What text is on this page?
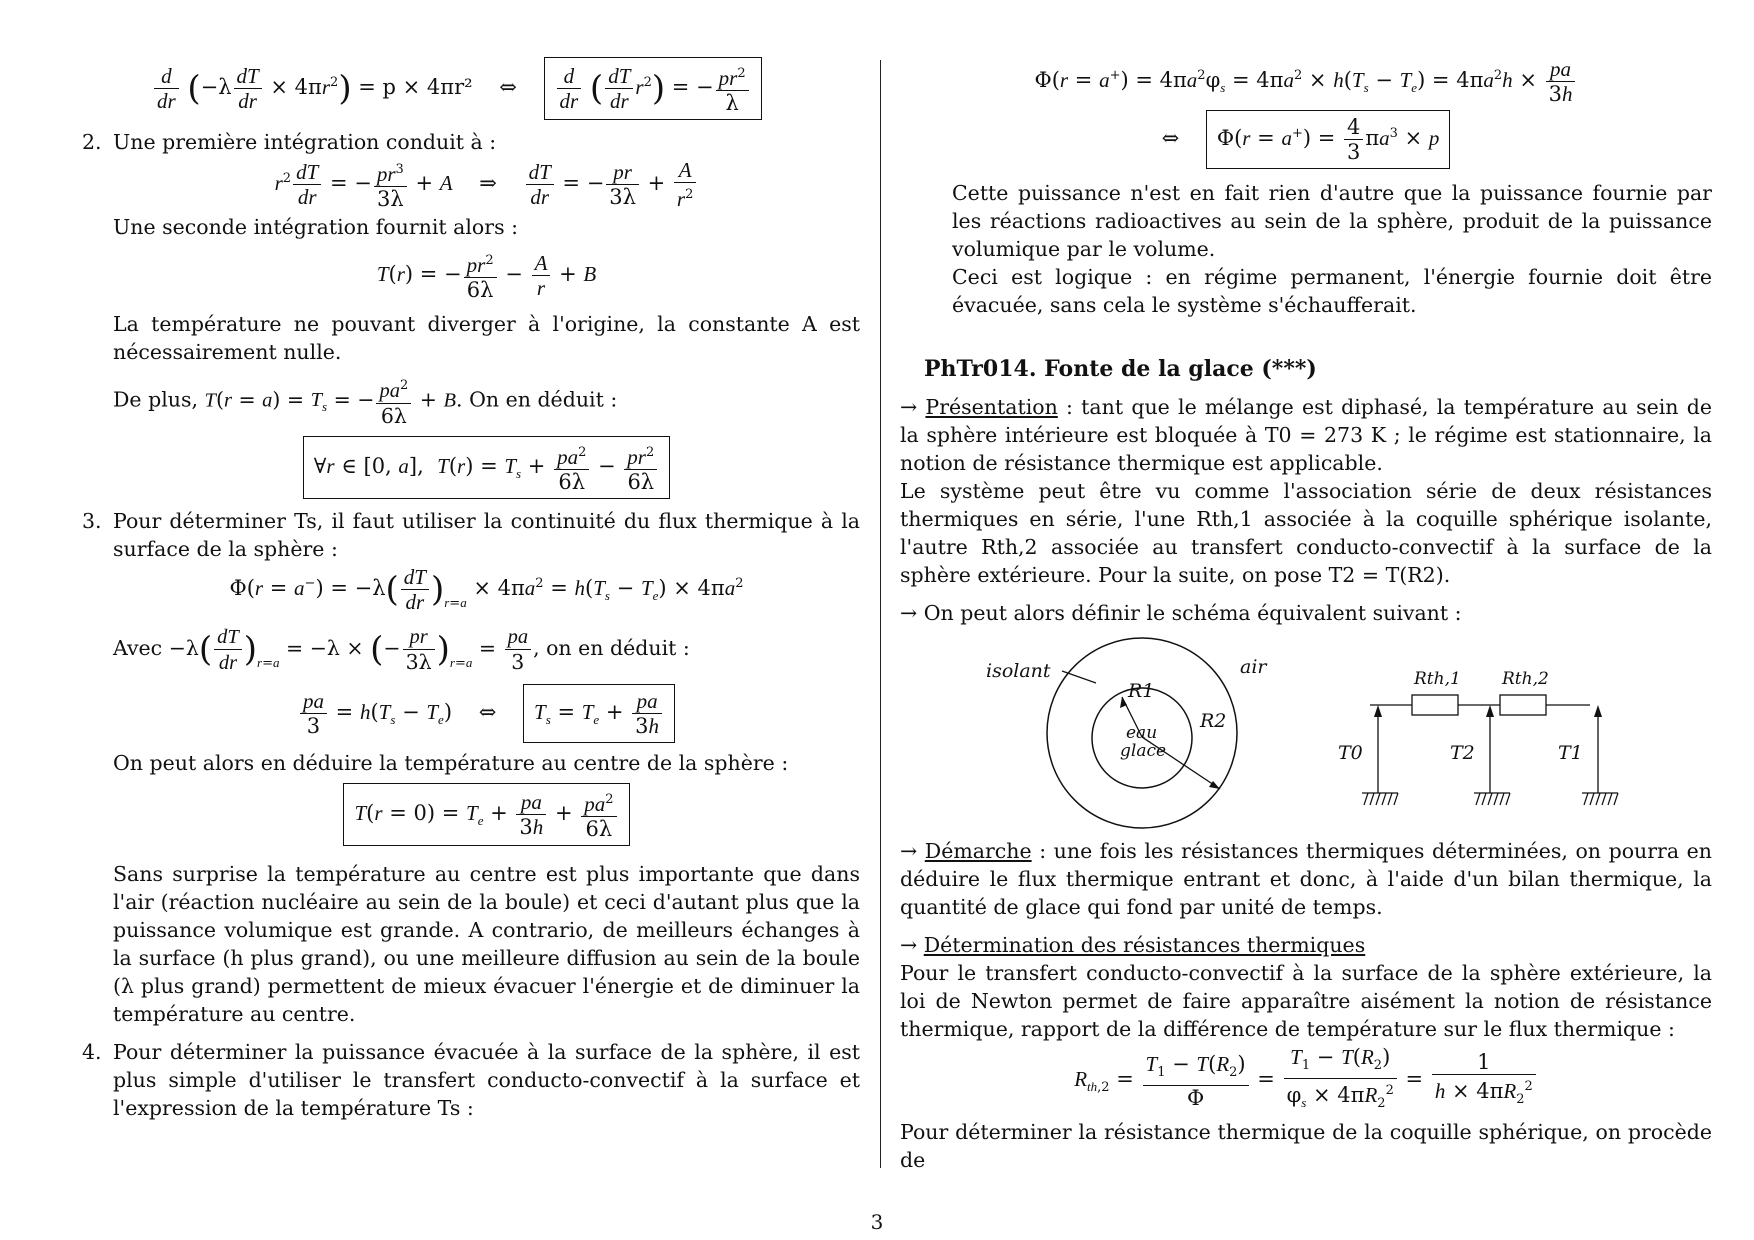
$\frac{d}{dr} (-\lambda \frac{dT}{dr} \times 4\pi r^2) = p \times 4\pi r^2$    ⇔ $\frac{d}{dr}$ ( $\frac{dT}{dr} r^2$) = − $\frac{pr^2}{\lambda}$
2. Une première intégration conduit à :

$r^2 \frac{dT}{dr}$ = − $\frac{pr^3}{3\lambda} + A$    ⇒ $\frac{dT}{dr}$ = − $\frac{pr}{3\lambda} + \frac{A}{r^2}$

Une seconde intégration fournit alors :

T(r) = − $\frac{pr^2}{6\lambda} - \frac{A}{r} + B$

La température ne pouvant diverger à l'origine, la constante A est nécessairement nulle.

De plus, $T(r = a) = T_s$ = − $\frac{pa^2}{6\lambda} + B$. On en déduit :

∀r ∈ [0, a],  $T(r) = T_s + \frac{pa^2}{6\lambda} - \frac{pr^2}{6\lambda}$
3. Pour déterminer Ts, il faut utiliser la continuité du flux thermique à la surface de la sphère :

$\Phi(r = a^-) = -\lambda( \frac{dT}{dr} )_{r=a} \times 4\pi a^2 = h(T_s - T_e) \times 4\pi a^2$

Avec $-\lambda( \frac{dT}{dr} )_{r=a} = -\lambda$ × (− $\frac{pr}{3\lambda} )_{r=a} = \frac{pa}{3}$ , on en déduit :

$\frac{pa}{3} = h(T_s - T_e)$    ⇔    $T_s = T_e + \frac{pa}{3h}$

On peut alors en déduire la température au centre de la sphère :

$T(r = 0) = T_e + \frac{pa}{3h} + \frac{pa^2}{6\lambda}$

Sans surprise la température au centre est plus importante que dans l'air (réaction nucléaire au sein de la boule) et ceci d'autant plus que la puissance volumique est grande. A contrario, de meilleurs échanges à la surface (h plus grand), ou une meilleure diffusion au sein de la boule (λ plus grand) permettent de mieux évacuer l'énergie et de diminuer la température au centre.

4. Pour déterminer la puissance évacuée à la surface de la sphère, il est plus simple d'utiliser le transfert conducto-convectif à la surface et l'expression de la température Ts :

$\Phi(r = a^+) = 4\pi a^2\varphi_s = 4\pi a^2 \times h(T_s - T_e) = 4\pi a^2h \times \frac{pa}{3h}$
⇔    $\Phi(r = a^+) = \frac{4}{3} \pi a^3 \times p$

Cette puissance n'est en fait rien d'autre que la puissance fournie par les réactions radioactives au sein de la sphère, produit de la puissance volumique par le volume.

Ceci est logique : en régime permanent, l'énergie fournie doit être évacuée, sans cela le système s'échaufferait.

PhTr014. Fonte de la glace (***)

→ Présentation : tant que le mélange est diphasé, la température au sein de la sphère intérieure est bloquée à T0 = 273 K ; le régime est stationnaire, la notion de résistance thermique est applicable.

Le système peut être vu comme l'association série de deux résistances thermiques en série, l'une Rth,1 associée à la coquille sphérique isolante, l'autre Rth,2 associée au transfert conducto-convectif à la surface de la sphère extérieure. Pour la suite, on pose T2 = T(R2).

→ On peut alors définir le schéma équivalent suivant :

isolant	air
R1
R2
eau
glace
Rth,1 Rth,2
T0	T2	T1

→ Démarche : une fois les résistances thermiques déterminées, on pourra en déduire le flux thermique entrant et donc, à l'aide d'un bilan thermique, la quantité de glace qui fond par unité de temps.

→ Détermination des résistances thermiques

Pour le transfert conducto-convectif à la surface de la sphère extérieure, la loi de Newton permet de faire apparaître aisément la notion de résistance thermique, rapport de la différence de température sur le flux thermique :

$R_{th,2} = \frac{T_1 - T(R_2)}{\Phi} = \frac{T_1 - T(R_2)}{\varphi_s \times 4\pi R_2^2} = \frac{1}{h \times 4\pi R_2^2}$

Pour déterminer la résistance thermique de la coquille sphérique, on procède de

3
